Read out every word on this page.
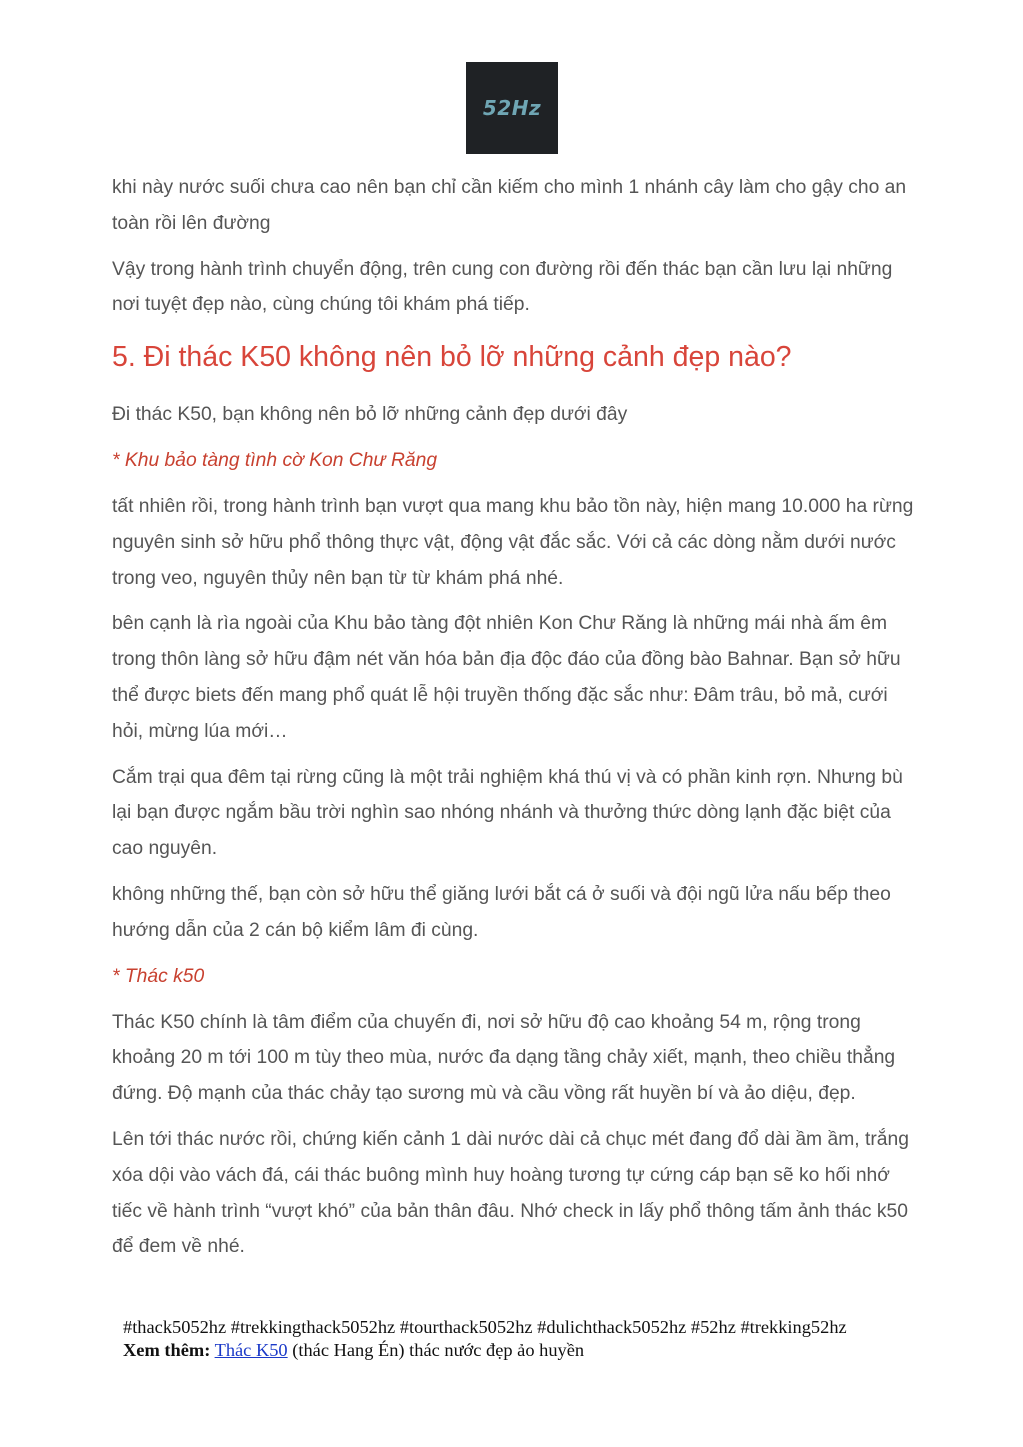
52Hz

khi này nước suối chưa cao nên bạn chỉ cần kiếm cho mình 1 nhánh cây làm cho gậy cho an toàn rồi lên đường

Vậy trong hành trình chuyển động, trên cung con đường rồi đến thác bạn cần lưu lại những nơi tuyệt đẹp nào, cùng chúng tôi khám phá tiếp.

5. Đi thác K50 không nên bỏ lỡ những cảnh đẹp nào?

Đi thác K50, bạn không nên bỏ lỡ những cảnh đẹp dưới đây

* Khu bảo tàng tình cờ Kon Chư Răng

tất nhiên rồi, trong hành trình bạn vượt qua mang khu bảo tồn này, hiện mang 10.000 ha rừng nguyên sinh sở hữu phổ thông thực vật, động vật đắc sắc. Với cả các dòng nằm dưới nước trong veo, nguyên thủy nên bạn từ từ khám phá nhé.

bên cạnh là rìa ngoài của Khu bảo tàng đột nhiên Kon Chư Răng là những mái nhà ấm êm trong thôn làng sở hữu đậm nét văn hóa bản địa độc đáo của đồng bào Bahnar. Bạn sở hữu thể được biets đến mang phổ quát lễ hội truyền thống đặc sắc như: Đâm trâu, bỏ mả, cưới hỏi, mừng lúa mới…

Cắm trại qua đêm tại rừng cũng là một trải nghiệm khá thú vị và có phần kinh rợn. Nhưng bù lại bạn được ngắm bầu trời nghìn sao nhóng nhánh và thưởng thức dòng lạnh đặc biệt của cao nguyên.

không những thế, bạn còn sở hữu thể giăng lưới bắt cá ở suối và đội ngũ lửa nấu bếp theo hướng dẫn của 2 cán bộ kiểm lâm đi cùng.

* Thác k50

Thác K50 chính là tâm điểm của chuyến đi, nơi sở hữu độ cao khoảng 54 m, rộng trong khoảng 20 m tới 100 m tùy theo mùa, nước đa dạng tầng chảy xiết, mạnh, theo chiều thẳng đứng. Độ mạnh của thác chảy tạo sương mù và cầu vồng rất huyền bí và ảo diệu, đẹp.

Lên tới thác nước rồi, chứng kiến cảnh 1 dài nước dài cả chục mét đang đổ dài ầm ầm, trắng xóa dội vào vách đá, cái thác buông mình huy hoàng tương tự cứng cáp bạn sẽ ko hối nhớ tiếc về hành trình “vượt khó” của bản thân đâu. Nhớ check in lấy phổ thông tấm ảnh thác k50 để đem về nhé.

#thack5052hz #trekkingthack5052hz #tourthack5052hz #dulichthack5052hz #52hz #trekking52hz
Xem thêm: Thác K50 (thác Hang Én) thác nước đẹp ảo huyền
